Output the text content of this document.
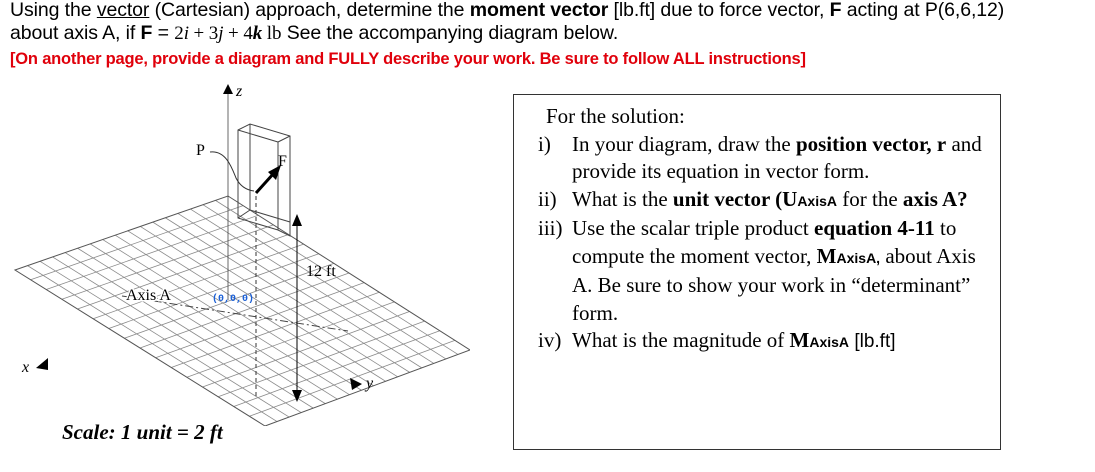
Using the vector (Cartesian) approach, determine the moment vector [lb.ft] due to force vector, F acting at P(6,6,12)
about axis A, if F = 2i + 3j + 4k lb See the accompanying diagram below.
[On another page, provide a diagram and FULLY describe your work. Be sure to follow ALL instructions]
z
Axis A	(0,0,0)
x
y
P
F
12 ft
Scale: 1 unit = 2 ft
For the solution:
i)	In your diagram, draw the position vector, r and provide its equation in vector form.
ii) What is the unit vector (UAxisA for the axis A?
iii) Use the scalar triple product equation 4-11 to compute the moment vector, MAxisA, about Axis A. Be sure to show your work in “determinant” form.
iv) What is the magnitude of MAxisA [lb.ft]
